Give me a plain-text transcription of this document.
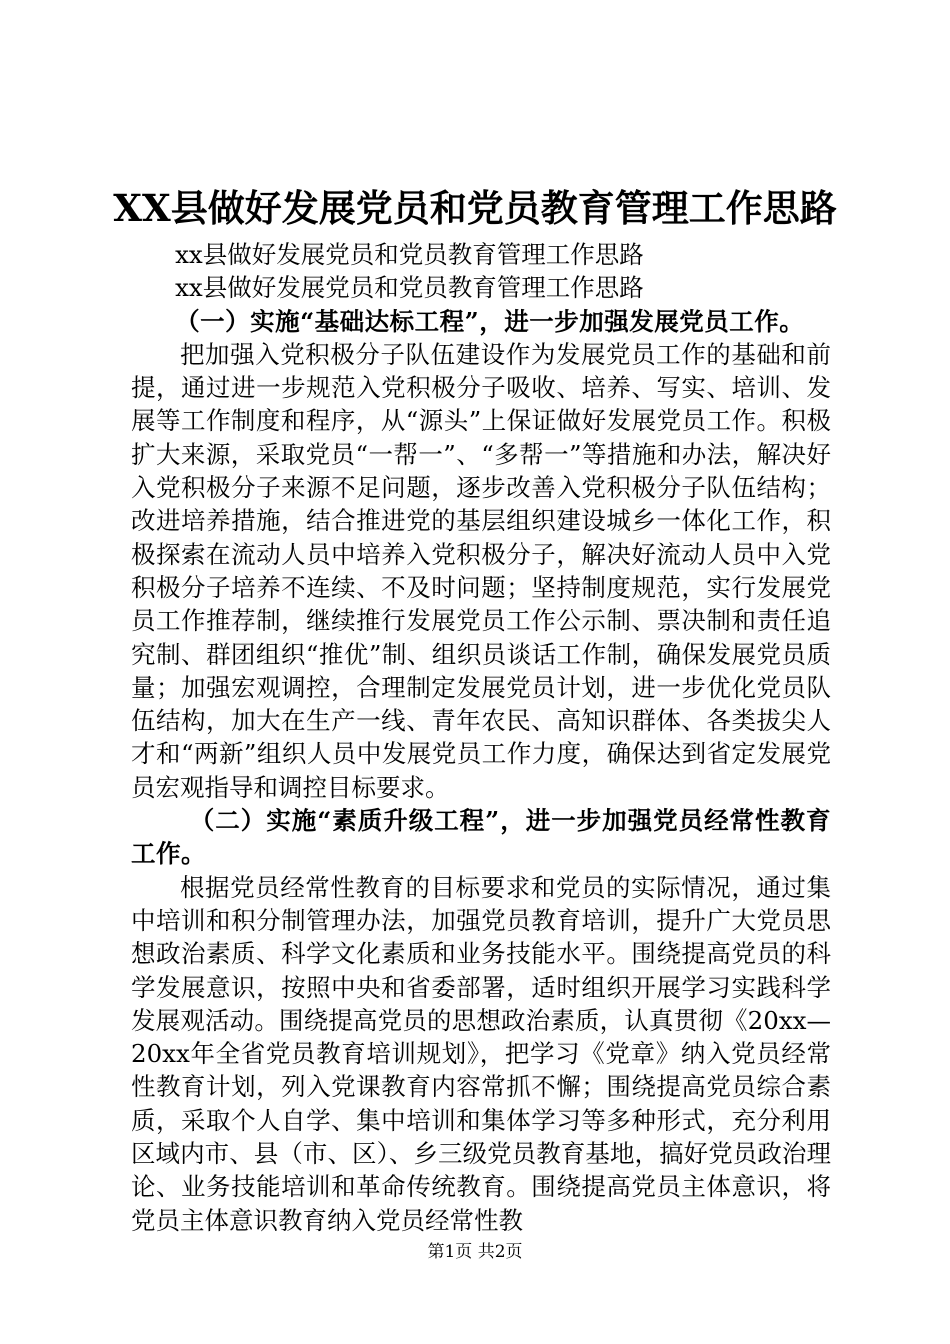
XX县做好发展党员和党员教育管理工作思路

xx县做好发展党员和党员教育管理工作思路

xx县做好发展党员和党员教育管理工作思路

（一）实施“基础达标工程”，进一步加强发展党员工作。

把加强入党积极分子队伍建设作为发展党员工作的基础和前提，通过进一步规范入党积极分子吸收、培养、写实、培训、发展等工作制度和程序，从“源头”上保证做好发展党员工作。积极扩大来源，采取党员“一帮一”、“多帮一”等措施和办法，解决好入党积极分子来源不足问题，逐步改善入党积极分子队伍结构；改进培养措施，结合推进党的基层组织建设城乡一体化工作，积极探索在流动人员中培养入党积极分子，解决好流动人员中入党积极分子培养不连续、不及时问题；坚持制度规范，实行发展党员工作推荐制，继续推行发展党员工作公示制、票决制和责任追究制、群团组织“推优”制、组织员谈话工作制，确保发展党员质量；加强宏观调控，合理制定发展党员计划，进一步优化党员队伍结构，加大在生产一线、青年农民、高知识群体、各类拔尖人才和“两新”组织人员中发展党员工作力度，确保达到省定发展党员宏观指导和调控目标要求。

（二）实施“素质升级工程”，进一步加强党员经常性教育工作。

根据党员经常性教育的目标要求和党员的实际情况，通过集中培训和积分制管理办法，加强党员教育培训，提升广大党员思想政治素质、科学文化素质和业务技能水平。围绕提高党员的科学发展意识，按照中央和省委部署，适时组织开展学习实践科学发展观活动。围绕提高党员的思想政治素质，认真贯彻《20xx—20xx年全省党员教育培训规划》，把学习《党章》纳入党员经常性教育计划，列入党课教育内容常抓不懈；围绕提高党员综合素质，采取个人自学、集中培训和集体学习等多种形式，充分利用区域内市、县（市、区）、乡三级党员教育基地，搞好党员政治理论、业务技能培训和革命传统教育。围绕提高党员主体意识，将党员主体意识教育纳入党员经常性教

第1页 共2页
